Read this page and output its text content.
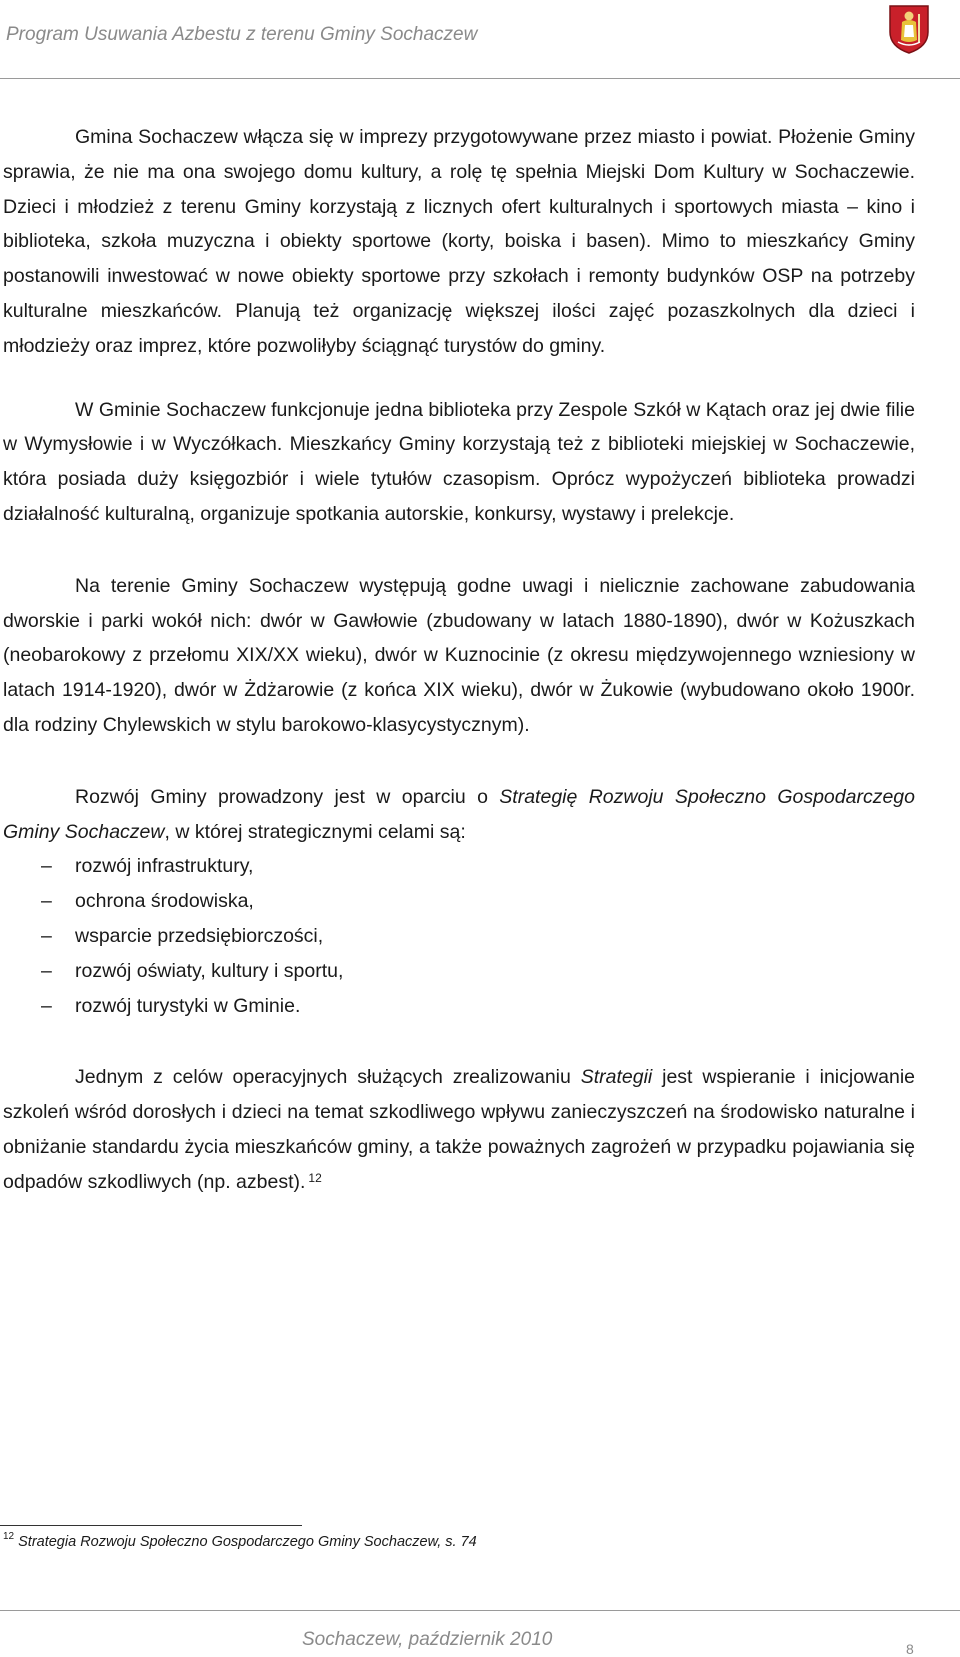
Program Usuwania Azbestu z terenu Gminy Sochaczew

Gmina Sochaczew włącza się w imprezy przygotowywane przez miasto i powiat. Płożenie Gminy sprawia, że nie ma ona swojego domu kultury, a rolę tę spełnia Miejski Dom Kultury w Sochaczewie. Dzieci i młodzież z terenu Gminy korzystają z licznych ofert kulturalnych i sportowych miasta – kino i biblioteka, szkoła muzyczna i obiekty sportowe (korty, boiska i basen). Mimo to mieszkańcy Gminy postanowili inwestować w nowe obiekty sportowe przy szkołach i remonty budynków OSP na potrzeby kulturalne mieszkańców. Planują też organizację większej ilości zajęć pozaszkolnych dla dzieci i młodzieży oraz imprez, które pozwoliłyby ściągnąć turystów do gminy.

W Gminie Sochaczew funkcjonuje jedna biblioteka przy Zespole Szkół w Kątach oraz jej dwie filie w Wymysłowie i w Wyczółkach. Mieszkańcy Gminy korzystają też z biblioteki miejskiej w Sochaczewie, która posiada duży księgozbiór i wiele tytułów czasopism. Oprócz wypożyczeń biblioteka prowadzi działalność kulturalną, organizuje spotkania autorskie, konkursy, wystawy i prelekcje.

Na terenie Gminy Sochaczew występują godne uwagi i nielicznie zachowane zabudowania dworskie i parki wokół nich: dwór w Gawłowie (zbudowany w latach 1880-1890), dwór w Kożuszkach (neobarokowy z przełomu XIX/XX wieku), dwór w Kuznocinie (z okresu międzywojennego wzniesiony w latach 1914-1920), dwór w Żdżarowie (z końca XIX wieku), dwór w Żukowie (wybudowano około 1900r. dla rodziny Chylewskich w stylu barokowo-klasycystycznym).

Rozwój Gminy prowadzony jest w oparciu o Strategię Rozwoju Społeczno Gospodarczego Gminy Sochaczew, w której strategicznymi celami są:

– rozwój infrastruktury,
– ochrona środowiska,
– wsparcie przedsiębiorczości,
– rozwój oświaty, kultury i sportu,
– rozwój turystyki w Gminie.

Jednym z celów operacyjnych służących zrealizowaniu Strategii jest wspieranie i inicjowanie szkoleń wśród dorosłych i dzieci na temat szkodliwego wpływu zanieczyszczeń na środowisko naturalne i obniżanie standardu życia mieszkańców gminy, a także poważnych zagrożeń w przypadku pojawiania się odpadów szkodliwych (np. azbest). $^{12}$

$^{12}$ Strategia Rozwoju Społeczno Gospodarczego Gminy Sochaczew, s. 74
Sochaczew, październik 2010	8
